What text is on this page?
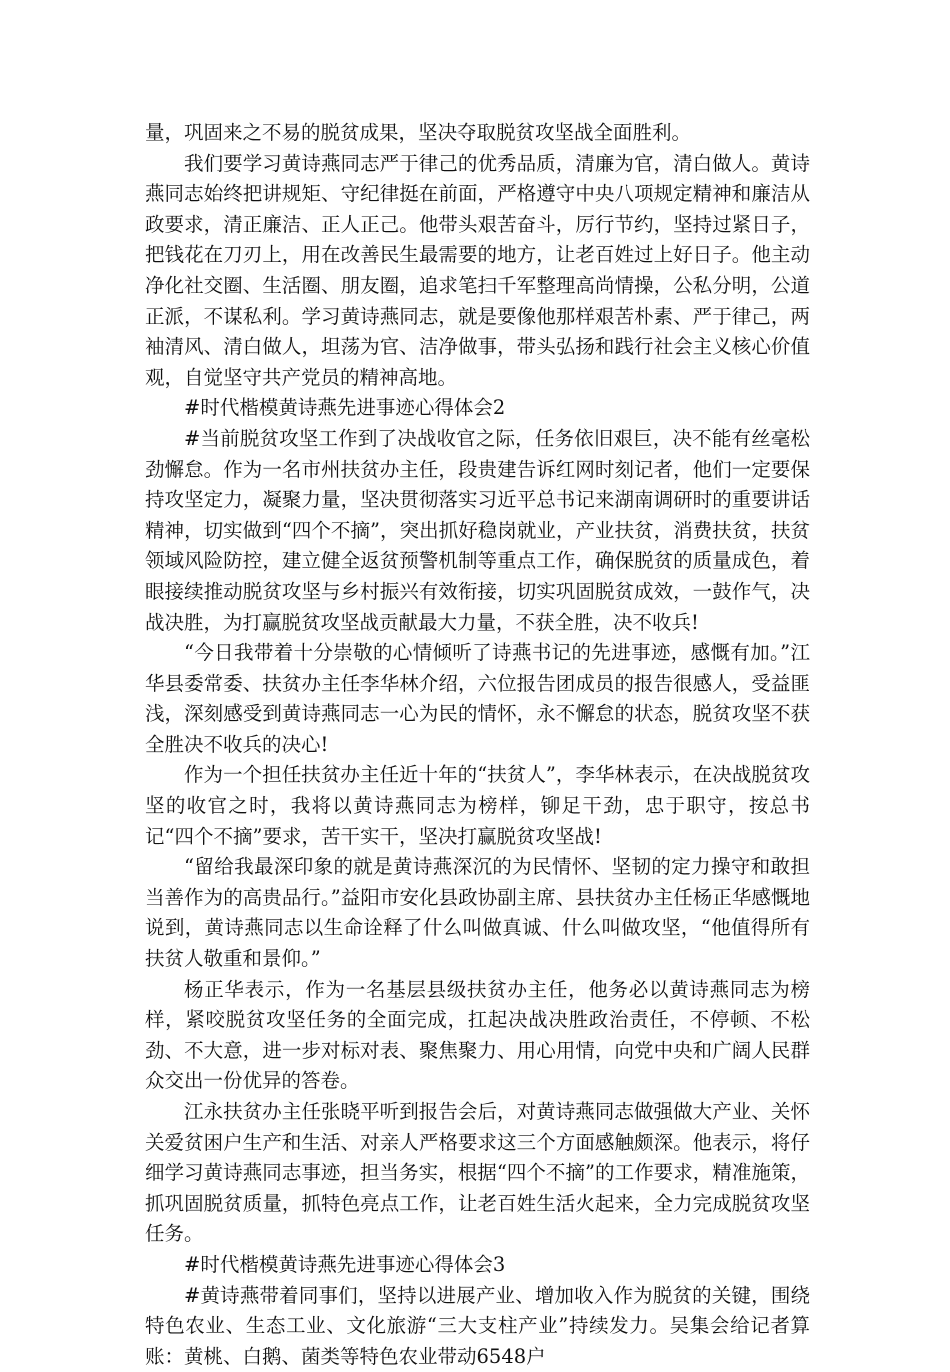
量，巩固来之不易的脱贫成果，坚决夺取脱贫攻坚战全面胜利。

我们要学习黄诗燕同志严于律己的优秀品质，清廉为官，清白做人。黄诗燕同志始终把讲规矩、守纪律挺在前面，严格遵守中央八项规定精神和廉洁从政要求，清正廉洁、正人正己。他带头艰苦奋斗，厉行节约，坚持过紧日子，把钱花在刀刃上，用在改善民生最需要的地方，让老百姓过上好日子。他主动净化社交圈、生活圈、朋友圈，追求笔扫千军整理高尚情操，公私分明，公道正派，不谋私利。学习黄诗燕同志，就是要像他那样艰苦朴素、严于律己，两袖清风、清白做人，坦荡为官、洁净做事，带头弘扬和践行社会主义核心价值观，自觉坚守共产党员的精神高地。

#时代楷模黄诗燕先进事迹心得体会2

#当前脱贫攻坚工作到了决战收官之际，任务依旧艰巨，决不能有丝毫松劲懈怠。作为一名市州扶贫办主任，段贵建告诉红网时刻记者，他们一定要保持攻坚定力，凝聚力量，坚决贯彻落实习近平总书记来湖南调研时的重要讲话精神，切实做到“四个不摘”，突出抓好稳岗就业，产业扶贫，消费扶贫，扶贫领域风险防控，建立健全返贫预警机制等重点工作，确保脱贫的质量成色，着眼接续推动脱贫攻坚与乡村振兴有效衔接，切实巩固脱贫成效，一鼓作气，决战决胜，为打赢脱贫攻坚战贡献最大力量，不获全胜，决不收兵!

“今日我带着十分崇敬的心情倾听了诗燕书记的先进事迹，感慨有加。”江华县委常委、扶贫办主任李华林介绍，六位报告团成员的报告很感人，受益匪浅，深刻感受到黄诗燕同志一心为民的情怀，永不懈怠的状态，脱贫攻坚不获全胜决不收兵的决心!

作为一个担任扶贫办主任近十年的“扶贫人”，李华林表示，在决战脱贫攻坚的收官之时，我将以黄诗燕同志为榜样，铆足干劲，忠于职守，按总书记“四个不摘”要求，苦干实干，坚决打赢脱贫攻坚战!

“留给我最深印象的就是黄诗燕深沉的为民情怀、坚韧的定力操守和敢担当善作为的高贵品行。”益阳市安化县政协副主席、县扶贫办主任杨正华感慨地说到，黄诗燕同志以生命诠释了什么叫做真诚、什么叫做攻坚，“他值得所有扶贫人敬重和景仰。”

杨正华表示，作为一名基层县级扶贫办主任，他务必以黄诗燕同志为榜样，紧咬脱贫攻坚任务的全面完成，扛起决战决胜政治责任，不停顿、不松劲、不大意，进一步对标对表、聚焦聚力、用心用情，向党中央和广阔人民群众交出一份优异的答卷。

江永扶贫办主任张晓平听到报告会后，对黄诗燕同志做强做大产业、关怀关爱贫困户生产和生活、对亲人严格要求这三个方面感触颇深。他表示，将仔细学习黄诗燕同志事迹，担当务实，根据“四个不摘”的工作要求，精准施策，抓巩固脱贫质量，抓特色亮点工作，让老百姓生活火起来，全力完成脱贫攻坚任务。

#时代楷模黄诗燕先进事迹心得体会3

#黄诗燕带着同事们，坚持以进展产业、增加收入作为脱贫的关键，围绕特色农业、生态工业、文化旅游“三大支柱产业”持续发力。吴集会给记者算账：黄桃、白鹅、菌类等特色农业带动6548户
